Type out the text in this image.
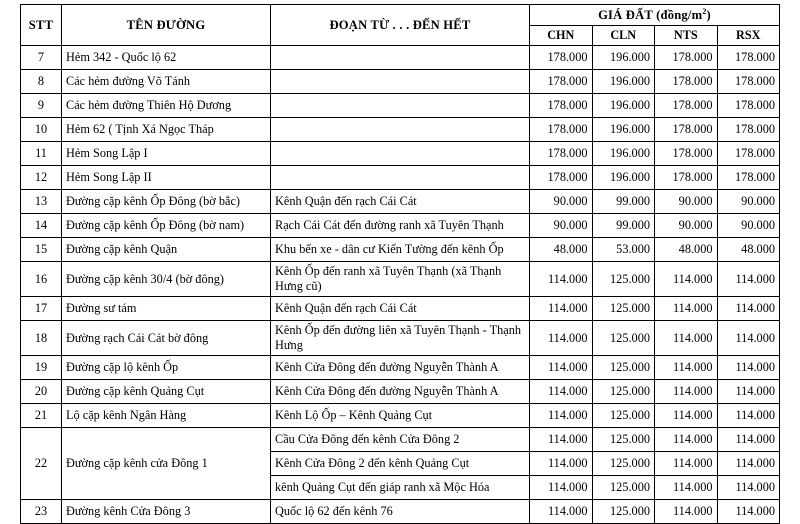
STT	TÊN ĐƯỜNG	ĐOẠN TỪ . . . ĐẾN HẾT	GIÁ ĐẤT $(đồng/m^2)$			
			CHN	CLN	NTS	RSX
7	Hẻm 342 - Quốc lộ 62		178.000	196.000	178.000	178.000
8	Các hẻm đường Võ Tánh		178.000	196.000	178.000	178.000
9	Các hẻm đường Thiên Hộ Dương		178.000	196.000	178.000	178.000
10	Hẻm 62 ( Tịnh Xá Ngọc Tháp		178.000	196.000	178.000	178.000
11	Hẻm Song Lập I		178.000	196.000	178.000	178.000
12	Hẻm Song Lập II		178.000	196.000	178.000	178.000
13	Đường cặp kênh Ốp Đông (bờ bắc)	Kênh Quận đến rạch Cái Cát	90.000	99.000	90.000	90.000
14	Đường cặp kênh Ốp Đông (bờ nam)	Rạch Cái Cát đến đường ranh xã Tuyên Thạnh	90.000	99.000	90.000	90.000
15	Đường cặp kênh Quận	Khu bến xe - dân cư Kiến Tường đến kênh Ốp	48.000	53.000	48.000	48.000
16	Đường cặp kênh 30/4 (bờ đông)	Kênh Ốp đến ranh xã Tuyên Thạnh (xã Thạnh Hưng cũ)	114.000	125.000	114.000	114.000
17	Đường sư tám	Kênh Quận đến rạch Cái Cát	114.000	125.000	114.000	114.000
18	Đường rạch Cái Cát bờ đông	Kênh Ốp đến đường liên xã Tuyên Thạnh - Thạnh Hưng	114.000	125.000	114.000	114.000
19	Đường cặp lộ kênh Ốp	Kênh Cửa Đông đến đường Nguyễn Thành A	114.000	125.000	114.000	114.000
20	Đường cặp kênh Quảng Cụt	Kênh Cửa Đông đến đường Nguyễn Thành A	114.000	125.000	114.000	114.000
21	Lộ cặp kênh Ngân Hàng	Kênh Lộ Ốp – Kênh Quảng Cụt	114.000	125.000	114.000	114.000
22	Đường cặp kênh cửa Đông 1	Cầu Cửa Đông đến kênh Cửa Đông 2	114.000	125.000	114.000	114.000
		Kênh Cửa Đông 2 đến kênh Quảng Cụt	114.000	125.000	114.000	114.000
		kênh Quảng Cụt đến giáp ranh xã Mộc Hóa	114.000	125.000	114.000	114.000
23	Đường kênh Cửa Đông 3	Quốc lộ 62 đến kênh 76	114.000	125.000	114.000	114.000
